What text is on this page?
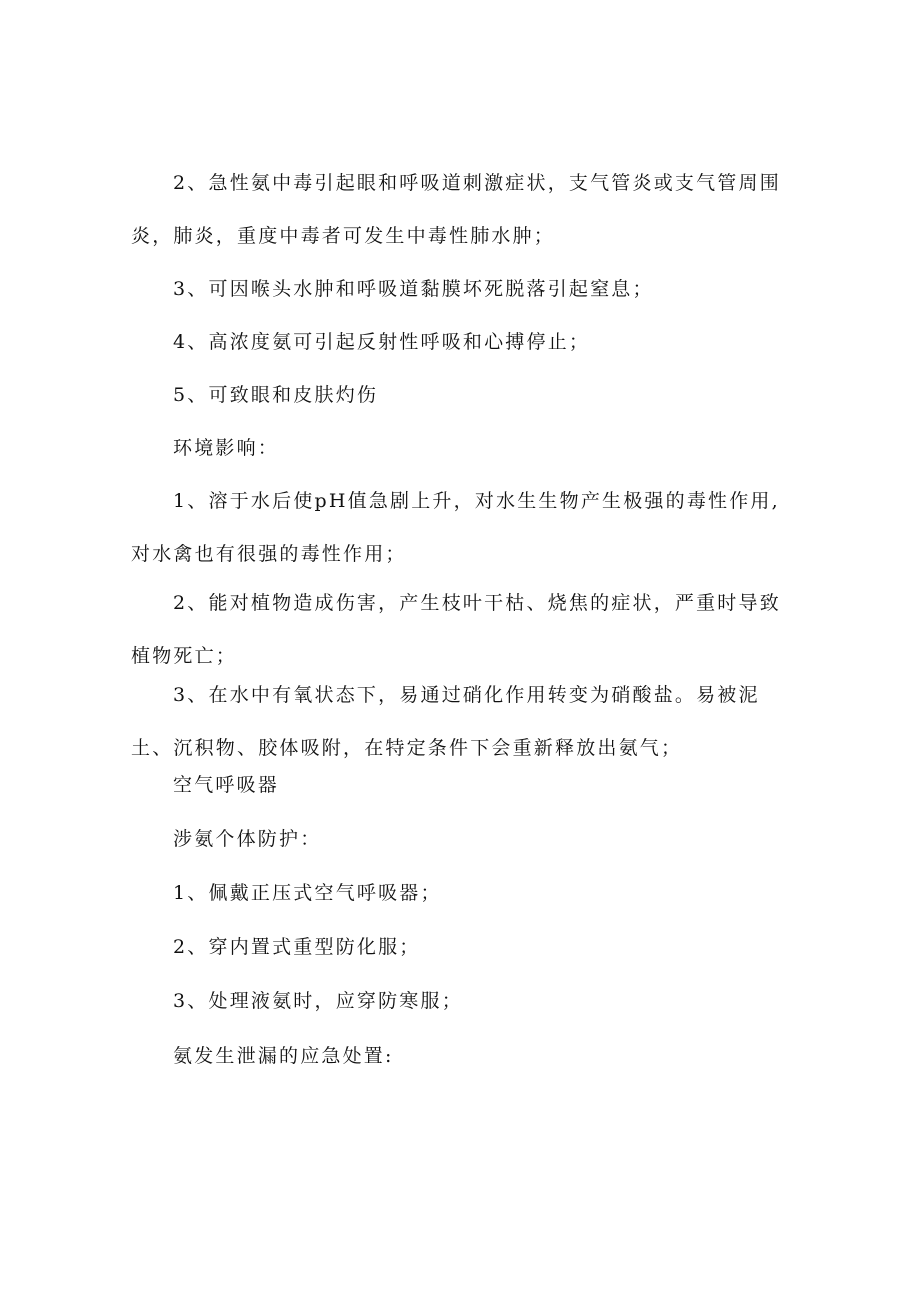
2、急性氨中毒引起眼和呼吸道刺激症状，支气管炎或支气管周围炎，肺炎，重度中毒者可发生中毒性肺水肿；

3、可因喉头水肿和呼吸道黏膜坏死脱落引起窒息；

4、高浓度氨可引起反射性呼吸和心搏停止；

5、可致眼和皮肤灼伤

环境影响：

1、溶于水后使pH值急剧上升，对水生生物产生极强的毒性作用,对水禽也有很强的毒性作用；

2、能对植物造成伤害，产生枝叶干枯、烧焦的症状，严重时导致植物死亡；

3、在水中有氧状态下，易通过硝化作用转变为硝酸盐。易被泥土、沉积物、胶体吸附，在特定条件下会重新释放出氨气；

空气呼吸器

涉氨个体防护：

1、佩戴正压式空气呼吸器；

2、穿内置式重型防化服；

3、处理液氨时，应穿防寒服；

氨发生泄漏的应急处置:
